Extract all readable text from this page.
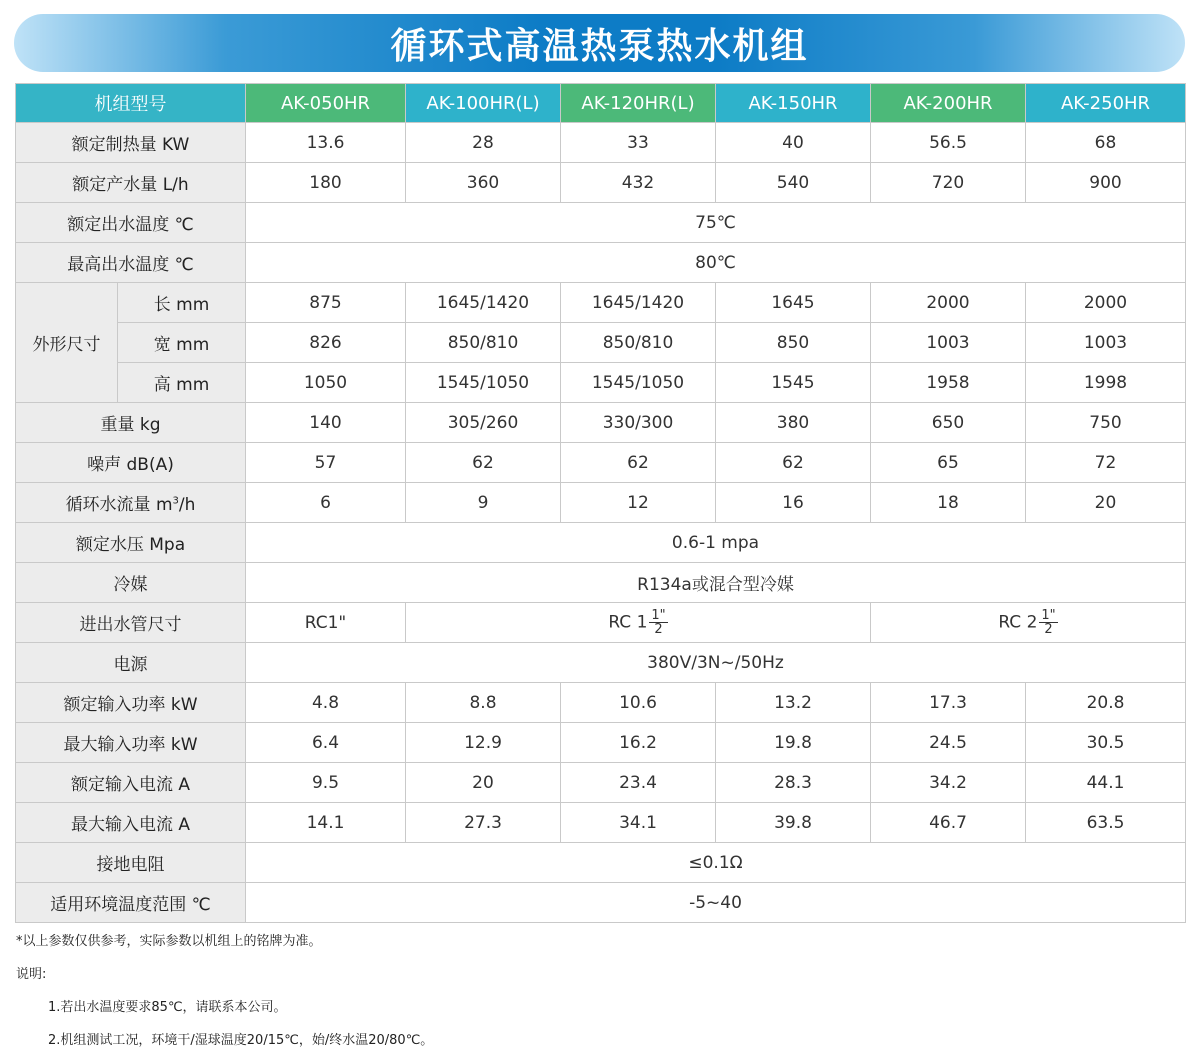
循环式高温热泵热水机组
机组型号		AK-050HR	AK-100HR(L)	AK-120HR(L)	AK-150HR	AK-200HR	AK-250HR
额定制热量 KW		13.6	28	33	40	56.5	68
额定产水量 L/h		180	360	432	540	720	900
额定出水温度 ℃		75℃					
最高出水温度 ℃		80℃					
外形尺寸	长 mm	875	1645/1420	1645/1420	1645	2000	2000
	宽 mm	826	850/810	850/810	850	1003	1003
	高 mm	1050	1545/1050	1545/1050	1545	1958	1998
重量 kg		140	305/260	330/300	380	650	750
噪声 dB(A)		57	62	62	62	65	72
循环水流量 $m^3/h$		6	9	12	16	18	20
额定水压 Mpa		0.6-1 mpa					
冷媒		R134a或混合型冷媒					
进出水管尺寸		RC1"	RC $1 \frac{1"}{2}$			RC $2 \frac{1"}{2}$

电源		380V/3N~/50Hz					
额定输入功率 kW		4.8	8.8	10.6	13.2	17.3	20.8
最大输入功率 kW		6.4	12.9	16.2	19.8	24.5	30.5
额定输入电流 A		9.5	20	23.4	28.3	34.2	44.1
最大输入电流 A		14.1	27.3	34.1	39.8	46.7	63.5
接地电阻		≤0.1Ω					
适用环境温度范围 ℃		-5~40					
*以上参数仅供参考，实际参数以机组上的铭牌为准。
说明:
1.若出水温度要求85℃，请联系本公司。
2.机组测试工况，环境干/湿球温度20/15℃，始/终水温20/80℃。
